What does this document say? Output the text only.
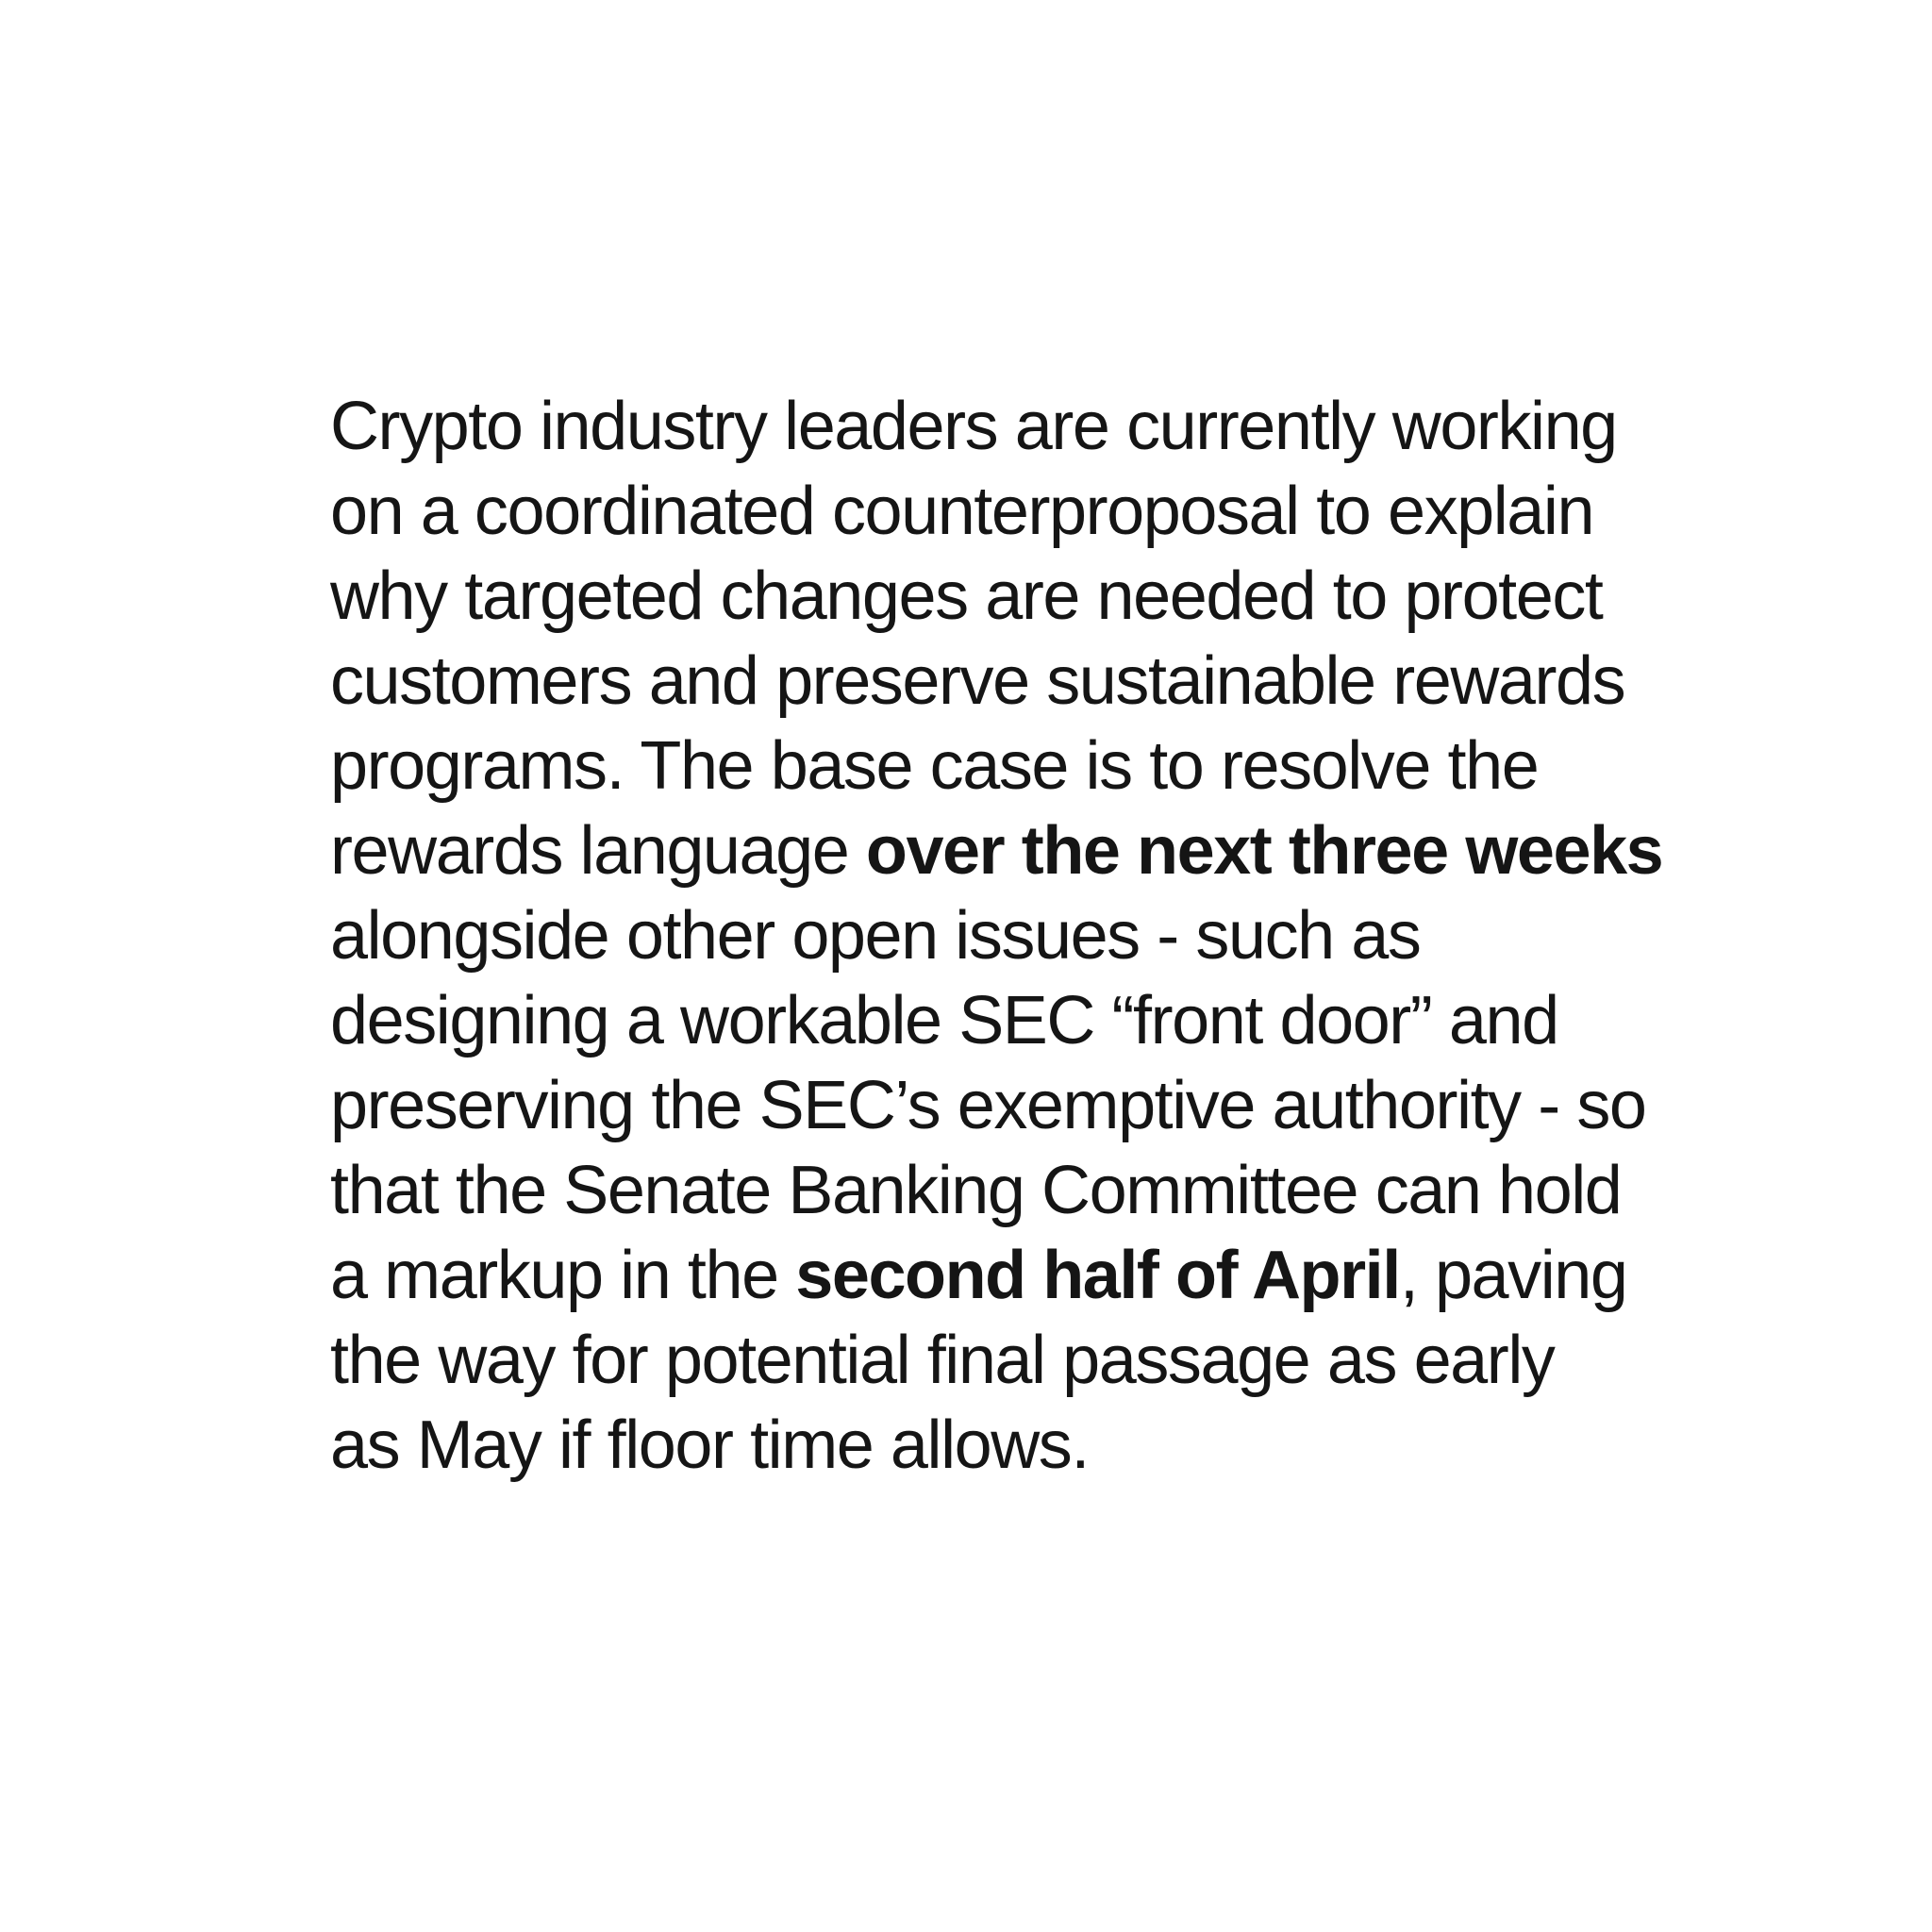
Crypto industry leaders are currently working
on a coordinated counterproposal to explain
why targeted changes are needed to protect
customers and preserve sustainable rewards
programs. The base case is to resolve the
rewards language over the next three weeks
alongside other open issues - such as
designing a workable SEC “front door” and
preserving the SEC’s exemptive authority - so
that the Senate Banking Committee can hold
a markup in the second half of April, paving
the way for potential final passage as early
as May if floor time allows.
